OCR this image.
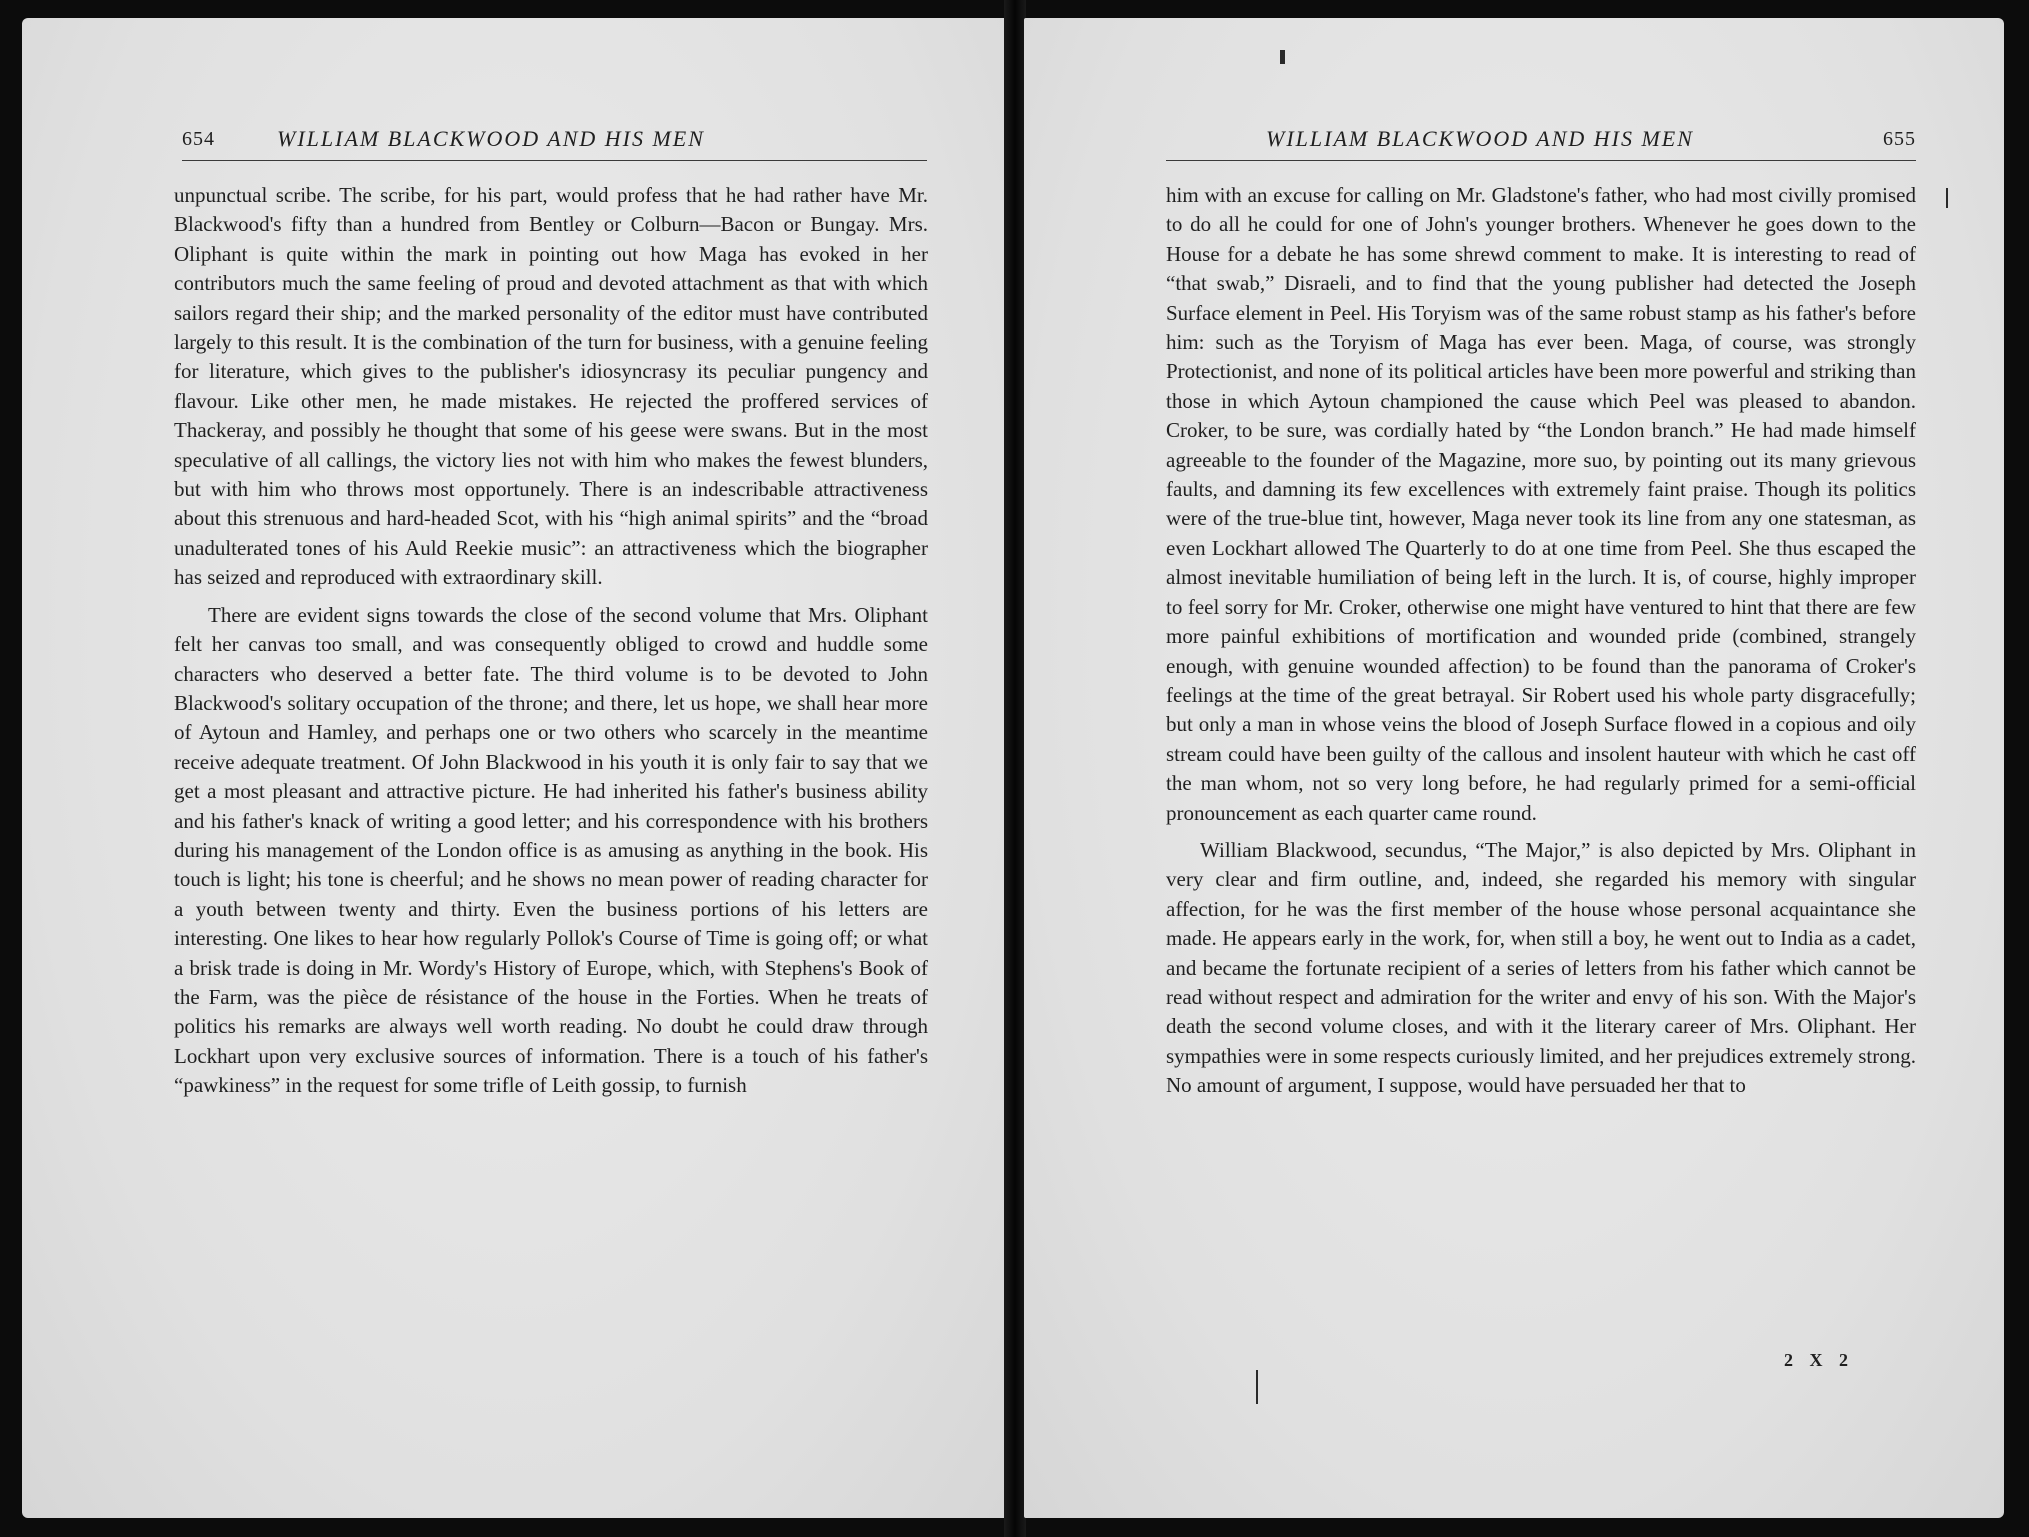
654	WILLIAM BLACKWOOD AND HIS MEN

unpunctual scribe. The scribe, for his part, would profess that he had rather have Mr. Blackwood's fifty than a hundred from Bentley or Colburn—Bacon or Bungay. Mrs. Oliphant is quite within the mark in pointing out how Maga has evoked in her contributors much the same feeling of proud and devoted attachment as that with which sailors regard their ship; and the marked personality of the editor must have contributed largely to this result. It is the combination of the turn for business, with a genuine feeling for literature, which gives to the publisher's idiosyncrasy its peculiar pungency and flavour. Like other men, he made mistakes. He rejected the proffered services of Thackeray, and possibly he thought that some of his geese were swans. But in the most speculative of all callings, the victory lies not with him who makes the fewest blunders, but with him who throws most opportunely. There is an indescribable attractiveness about this strenuous and hard-headed Scot, with his “high animal spirits” and the “broad unadulterated tones of his Auld Reekie music”: an attractiveness which the biographer has seized and reproduced with extraordinary skill.

There are evident signs towards the close of the second volume that Mrs. Oliphant felt her canvas too small, and was consequently obliged to crowd and huddle some characters who deserved a better fate. The third volume is to be devoted to John Blackwood's solitary occupation of the throne; and there, let us hope, we shall hear more of Aytoun and Hamley, and perhaps one or two others who scarcely in the meantime receive adequate treatment. Of John Blackwood in his youth it is only fair to say that we get a most pleasant and attractive picture. He had inherited his father's business ability and his father's knack of writing a good letter; and his correspondence with his brothers during his management of the London office is as amusing as anything in the book. His touch is light; his tone is cheerful; and he shows no mean power of reading character for a youth between twenty and thirty. Even the business portions of his letters are interesting. One likes to hear how regularly Pollok's Course of Time is going off; or what a brisk trade is doing in Mr. Wordy's History of Europe, which, with Stephens's Book of the Farm, was the pièce de résistance of the house in the Forties. When he treats of politics his remarks are always well worth reading. No doubt he could draw through Lockhart upon very exclusive sources of information. There is a touch of his father's “pawkiness” in the request for some trifle of Leith gossip, to furnish

WILLIAM BLACKWOOD AND HIS MEN	655

him with an excuse for calling on Mr. Gladstone's father, who had most civilly promised to do all he could for one of John's younger brothers. Whenever he goes down to the House for a debate he has some shrewd comment to make. It is interesting to read of “that swab,” Disraeli, and to find that the young publisher had detected the Joseph Surface element in Peel. His Toryism was of the same robust stamp as his father's before him: such as the Toryism of Maga has ever been. Maga, of course, was strongly Protectionist, and none of its political articles have been more powerful and striking than those in which Aytoun championed the cause which Peel was pleased to abandon. Croker, to be sure, was cordially hated by “the London branch.” He had made himself agreeable to the founder of the Magazine, more suo, by pointing out its many grievous faults, and damning its few excellences with extremely faint praise. Though its politics were of the true-blue tint, however, Maga never took its line from any one statesman, as even Lockhart allowed The Quarterly to do at one time from Peel. She thus escaped the almost inevitable humiliation of being left in the lurch. It is, of course, highly improper to feel sorry for Mr. Croker, otherwise one might have ventured to hint that there are few more painful exhibitions of mortification and wounded pride (combined, strangely enough, with genuine wounded affection) to be found than the panorama of Croker's feelings at the time of the great betrayal. Sir Robert used his whole party disgracefully; but only a man in whose veins the blood of Joseph Surface flowed in a copious and oily stream could have been guilty of the callous and insolent hauteur with which he cast off the man whom, not so very long before, he had regularly primed for a semi-official pronouncement as each quarter came round.

William Blackwood, secundus, “The Major,” is also depicted by Mrs. Oliphant in very clear and firm outline, and, indeed, she regarded his memory with singular affection, for he was the first member of the house whose personal acquaintance she made. He appears early in the work, for, when still a boy, he went out to India as a cadet, and became the fortunate recipient of a series of letters from his father which cannot be read without respect and admiration for the writer and envy of his son. With the Major's death the second volume closes, and with it the literary career of Mrs. Oliphant. Her sympathies were in some respects curiously limited, and her prejudices extremely strong. No amount of argument, I suppose, would have persuaded her that to

2 X 2
